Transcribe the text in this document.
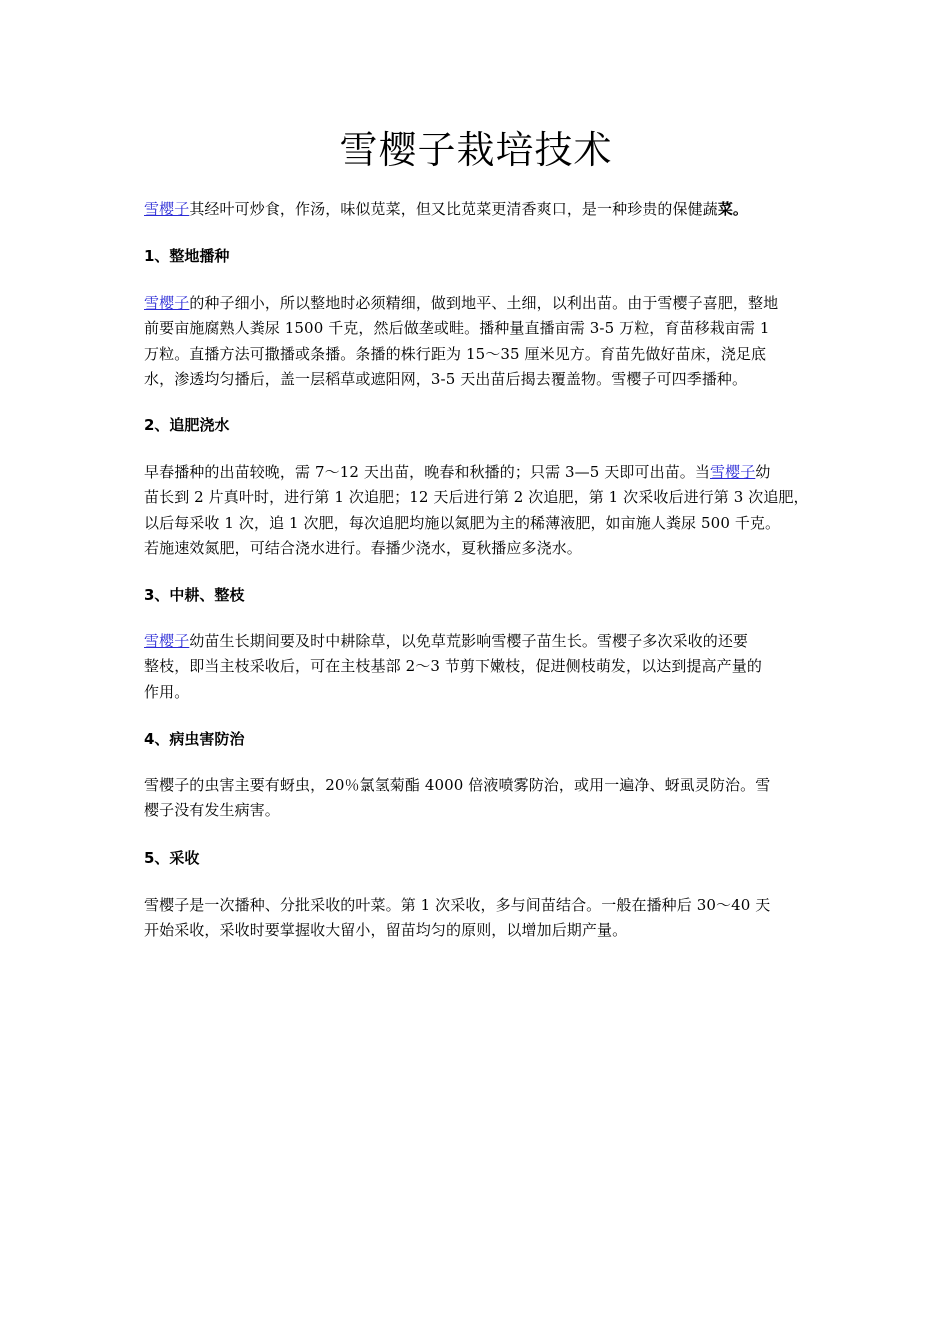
雪樱子栽培技术

雪樱子其经叶可炒食，作汤，味似苋菜，但又比苋菜更清香爽口，是一种珍贵的保健蔬菜。

1、整地播种
雪樱子的种子细小，所以整地时必须精细，做到地平、土细，以利出苗。由于雪樱子喜肥，整地
前要亩施腐熟人粪尿 1500 千克，然后做垄或畦。播种量直播亩需 3-5 万粒，育苗移栽亩需 1
万粒。直播方法可撒播或条播。条播的株行距为 15～35 厘米见方。育苗先做好苗床，浇足底
水，渗透均匀播后，盖一层稻草或遮阳网，3-5 天出苗后揭去覆盖物。雪樱子可四季播种。
2、追肥浇水
早春播种的出苗较晚，需 7～12 天出苗，晚春和秋播的；只需 3—5 天即可出苗。当雪樱子幼
苗长到 2 片真叶时，进行第 1 次追肥；12 天后进行第 2 次追肥，第 1 次采收后进行第 3 次追肥，
以后每采收 1 次，追 1 次肥，每次追肥均施以氮肥为主的稀薄液肥，如亩施人粪尿 500 千克。
若施速效氮肥，可结合浇水进行。春播少浇水，夏秋播应多浇水。
3、中耕、整枝
雪樱子幼苗生长期间要及时中耕除草，以免草荒影响雪樱子苗生长。雪樱子多次采收的还要
整枝，即当主枝采收后，可在主枝基部 2～3 节剪下嫩枝，促进侧枝萌发，以达到提高产量的
作用。
4、病虫害防治
雪樱子的虫害主要有蚜虫，20％氯氢菊酯 4000 倍液喷雾防治，或用一遍净、蚜虱灵防治。雪
樱子没有发生病害。
5、采收
雪樱子是一次播种、分批采收的叶菜。第 1 次采收，多与间苗结合。一般在播种后 30～40 天
开始采收，采收时要掌握收大留小，留苗均匀的原则，以增加后期产量。
